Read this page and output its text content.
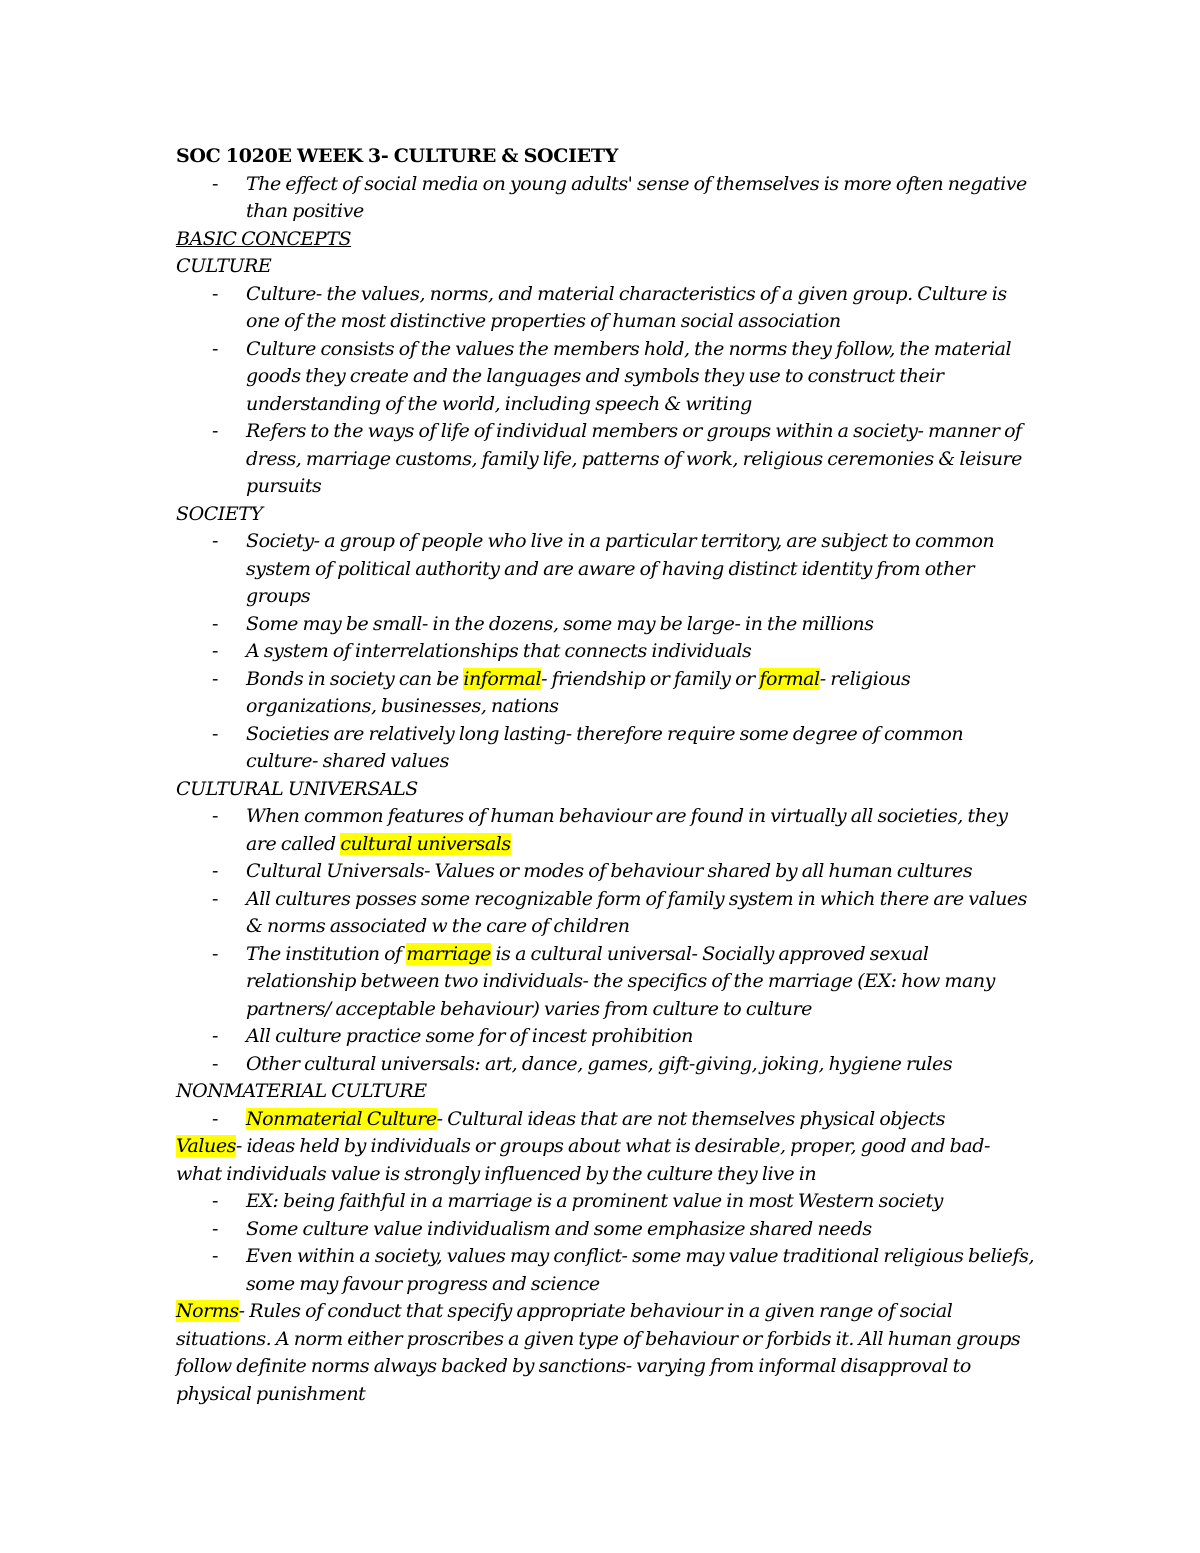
SOC 1020E WEEK 3- CULTURE & SOCIETY
- The effect of social media on young adults' sense of themselves is more often negative than positive
BASIC CONCEPTS
CULTURE
- Culture- the values, norms, and material characteristics of a given group. Culture is one of the most distinctive properties of human social association
- Culture consists of the values the members hold, the norms they follow, the material goods they create and the languages and symbols they use to construct their understanding of the world, including speech & writing
- Refers to the ways of life of individual members or groups within a society- manner of dress, marriage customs, family life, patterns of work, religious ceremonies & leisure pursuits
SOCIETY
- Society- a group of people who live in a particular territory, are subject to common system of political authority and are aware of having distinct identity from other groups
- Some may be small- in the dozens, some may be large- in the millions
- A system of interrelationships that connects individuals
- Bonds in society can be informal- friendship or family or formal- religious organizations, businesses, nations
- Societies are relatively long lasting- therefore require some degree of common culture- shared values
CULTURAL UNIVERSALS
- When common features of human behaviour are found in virtually all societies, they are called cultural universals
- Cultural Universals- Values or modes of behaviour shared by all human cultures
- All cultures posses some recognizable form of family system in which there are values & norms associated w the care of children
- The institution of marriage is a cultural universal- Socially approved sexual relationship between two individuals- the specifics of the marriage (EX: how many partners/ acceptable behaviour) varies from culture to culture
- All culture practice some for of incest prohibition
- Other cultural universals: art, dance, games, gift-giving, joking, hygiene rules
NONMATERIAL CULTURE
- Nonmaterial Culture- Cultural ideas that are not themselves physical objects
Values- ideas held by individuals or groups about what is desirable, proper, good and bad- what individuals value is strongly influenced by the culture they live in
- EX: being faithful in a marriage is a prominent value in most Western society
- Some culture value individualism and some emphasize shared needs
- Even within a society, values may conflict- some may value traditional religious beliefs, some may favour progress and science
Norms- Rules of conduct that specify appropriate behaviour in a given range of social situations. A norm either proscribes a given type of behaviour or forbids it. All human groups follow definite norms always backed by sanctions- varying from informal disapproval to physical punishment
